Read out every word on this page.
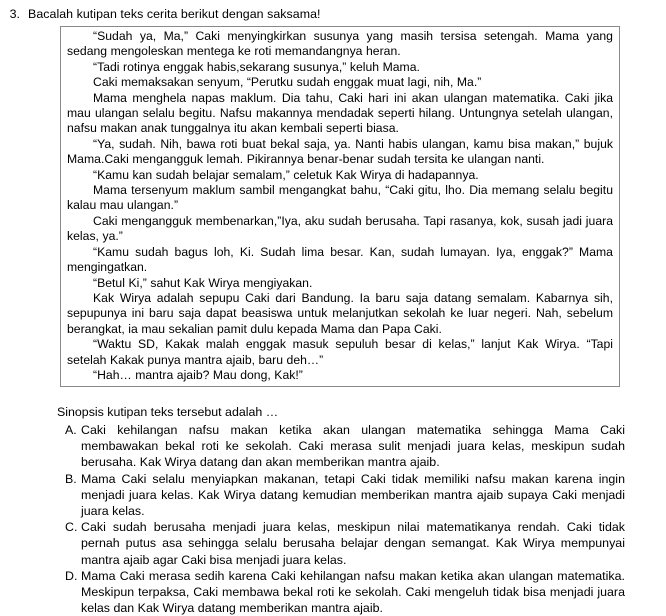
3. Bacalah kutipan teks cerita berikut dengan saksama!

“Sudah ya, Ma,” Caki menyingkirkan susunya yang masih tersisa setengah. Mama yang sedang mengoleskan mentega ke roti memandangnya heran.

“Tadi rotinya enggak habis,sekarang susunya,” keluh Mama.

Caki memaksakan senyum, “Perutku sudah enggak muat lagi, nih, Ma.”

Mama menghela napas maklum. Dia tahu, Caki hari ini akan ulangan matematika. Caki jika mau ulangan selalu begitu. Nafsu makannya mendadak seperti hilang. Untungnya setelah ulangan, nafsu makan anak tunggalnya itu akan kembali seperti biasa.

“Ya, sudah. Nih, bawa roti buat bekal saja, ya. Nanti habis ulangan, kamu bisa makan,” bujuk Mama.Caki mengangguk lemah. Pikirannya benar-benar sudah tersita ke ulangan nanti.

“Kamu kan sudah belajar semalam,” celetuk Kak Wirya di hadapannya.

Mama tersenyum maklum sambil mengangkat bahu, “Caki gitu, lho. Dia memang selalu begitu kalau mau ulangan.”

Caki mengangguk membenarkan,”Iya, aku sudah berusaha. Tapi rasanya, kok, susah jadi juara kelas, ya.”

“Kamu sudah bagus loh, Ki. Sudah lima besar. Kan, sudah lumayan. Iya, enggak?” Mama mengingatkan.

“Betul Ki,” sahut Kak Wirya mengiyakan.

Kak Wirya adalah sepupu Caki dari Bandung. Ia baru saja datang semalam. Kabarnya sih, sepupunya ini baru saja dapat beasiswa untuk melanjutkan sekolah ke luar negeri. Nah, sebelum berangkat, ia mau sekalian pamit dulu kepada Mama dan Papa Caki.

“Waktu SD, Kakak malah enggak masuk sepuluh besar di kelas,” lanjut Kak Wirya. “Tapi setelah Kakak punya mantra ajaib, baru deh…”

“Hah… mantra ajaib? Mau dong, Kak!”

Sinopsis kutipan teks tersebut adalah …
A. Caki kehilangan nafsu makan ketika akan ulangan matematika sehingga Mama Caki membawakan bekal roti ke sekolah. Caki merasa sulit menjadi juara kelas, meskipun sudah berusaha. Kak Wirya datang dan akan memberikan mantra ajaib.
B. Mama Caki selalu menyiapkan makanan, tetapi Caki tidak memiliki nafsu makan karena ingin menjadi juara kelas. Kak Wirya datang kemudian memberikan mantra ajaib supaya Caki menjadi juara kelas.
C. Caki sudah berusaha menjadi juara kelas, meskipun nilai matematikanya rendah. Caki tidak pernah putus asa sehingga selalu berusaha belajar dengan semangat. Kak Wirya mempunyai mantra ajaib agar Caki bisa menjadi juara kelas.
D. Mama Caki merasa sedih karena Caki kehilangan nafsu makan ketika akan ulangan matematika. Meskipun terpaksa, Caki membawa bekal roti ke sekolah. Caki mengeluh tidak bisa menjadi juara kelas dan Kak Wirya datang memberikan mantra ajaib.
